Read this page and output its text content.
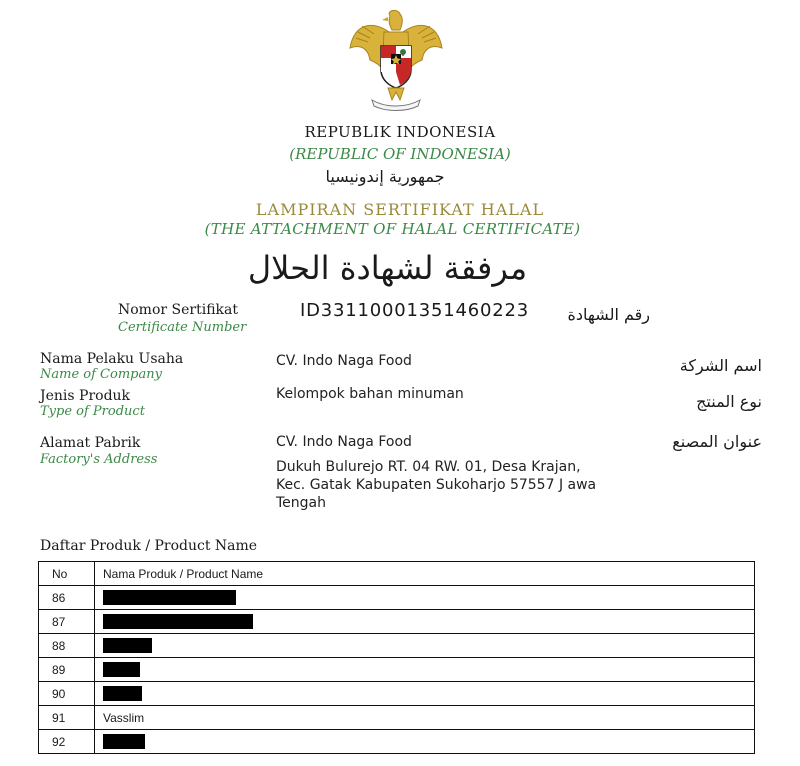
REPUBLIK INDONESIA
(REPUBLIC OF INDONESIA)
جمهورية إندونيسيا
LAMPIRAN SERTIFIKAT HALAL
(THE ATTACHMENT OF HALAL CERTIFICATE)
مرفقة لشهادة الحلال
Nomor Sertifikat
Certificate Number
ID33110001351460223 رقم الشهادة
Nama Pelaku Usaha
Name of Company
CV. Indo Naga Food	اسم الشركة
Jenis Produk
Type of Product
Kelompok bahan minuman	نوع المنتج
Alamat Pabrik
Factory's Address
CV. Indo Naga Food
Dukuh Bulurejo RT. 04 RW. 01, Desa Krajan,
Kec. Gatak Kabupaten Sukoharjo 57557 J awa
Tengah
عنوان المصنع
Daftar Produk / Product Name
No	Nama Produk / Product Name
86	
87	
88	
89	
90	
91	Vasslim
92	
